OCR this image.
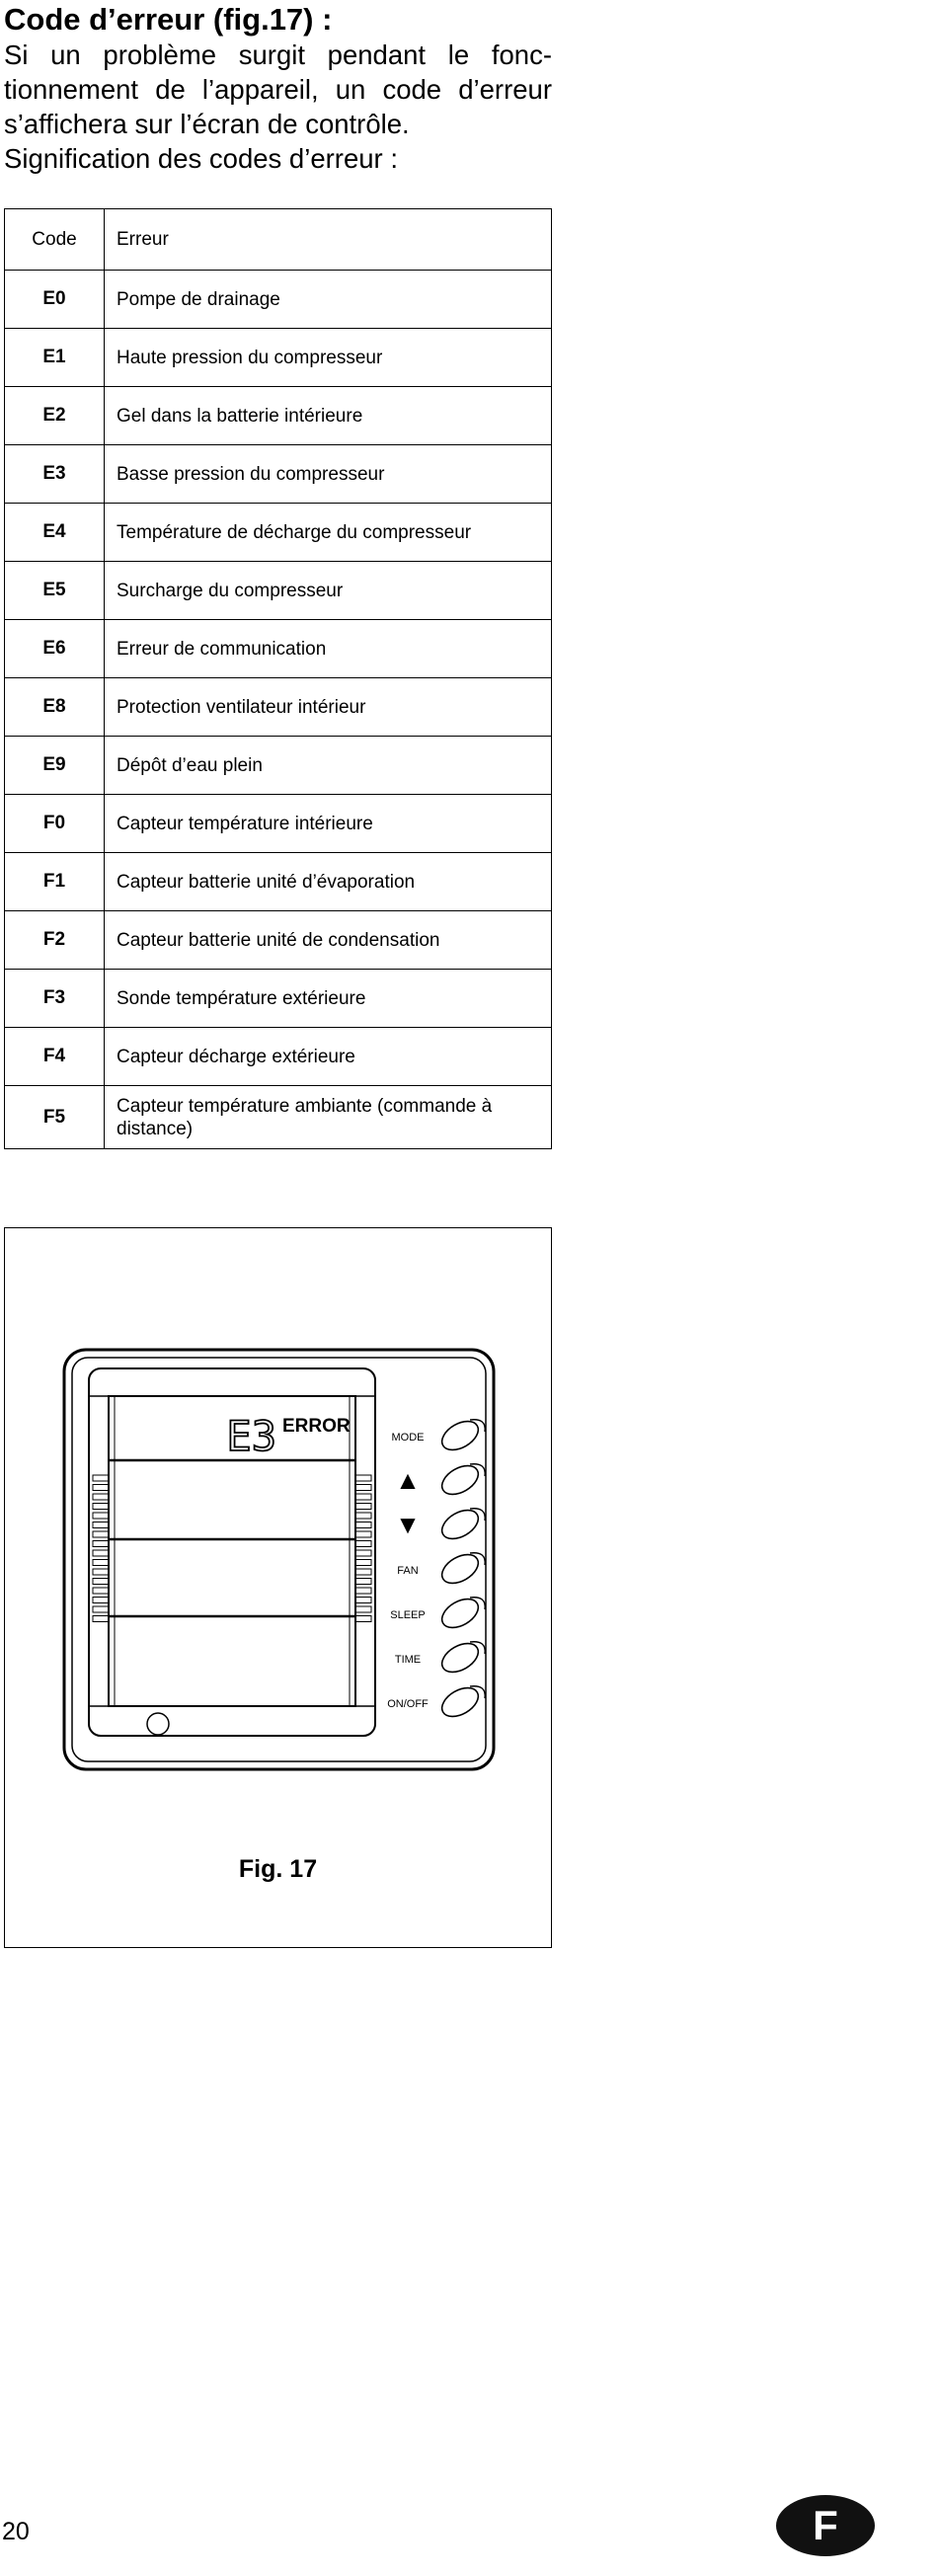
Code d’erreur (fig.17) :

Si un problème surgit pendant le fonc-
tionnement de l’appareil, un code d’erreur
s’affichera sur l’écran de contrôle.
Signification des codes d’erreur :

Code	Erreur
E0	Pompe de drainage
E1	Haute pression du compresseur
E2	Gel dans la batterie intérieure
E3	Basse pression du compresseur
E4	Température de décharge du compresseur
E5	Surcharge du compresseur
E6	Erreur de communication
E8	Protection ventilateur intérieur
E9	Dépôt d’eau plein
F0	Capteur température intérieure
F1	Capteur batterie unité d’évaporation
F2	Capteur batterie unité de condensation
F3	Sonde température extérieure
F4	Capteur décharge extérieure
F5	Capteur température ambiante (commande à distance)
E3 ERROR
MODE
▲
▼
FAN
SLEEP
TIME
ON/OFF
Fig. 17
20	F
